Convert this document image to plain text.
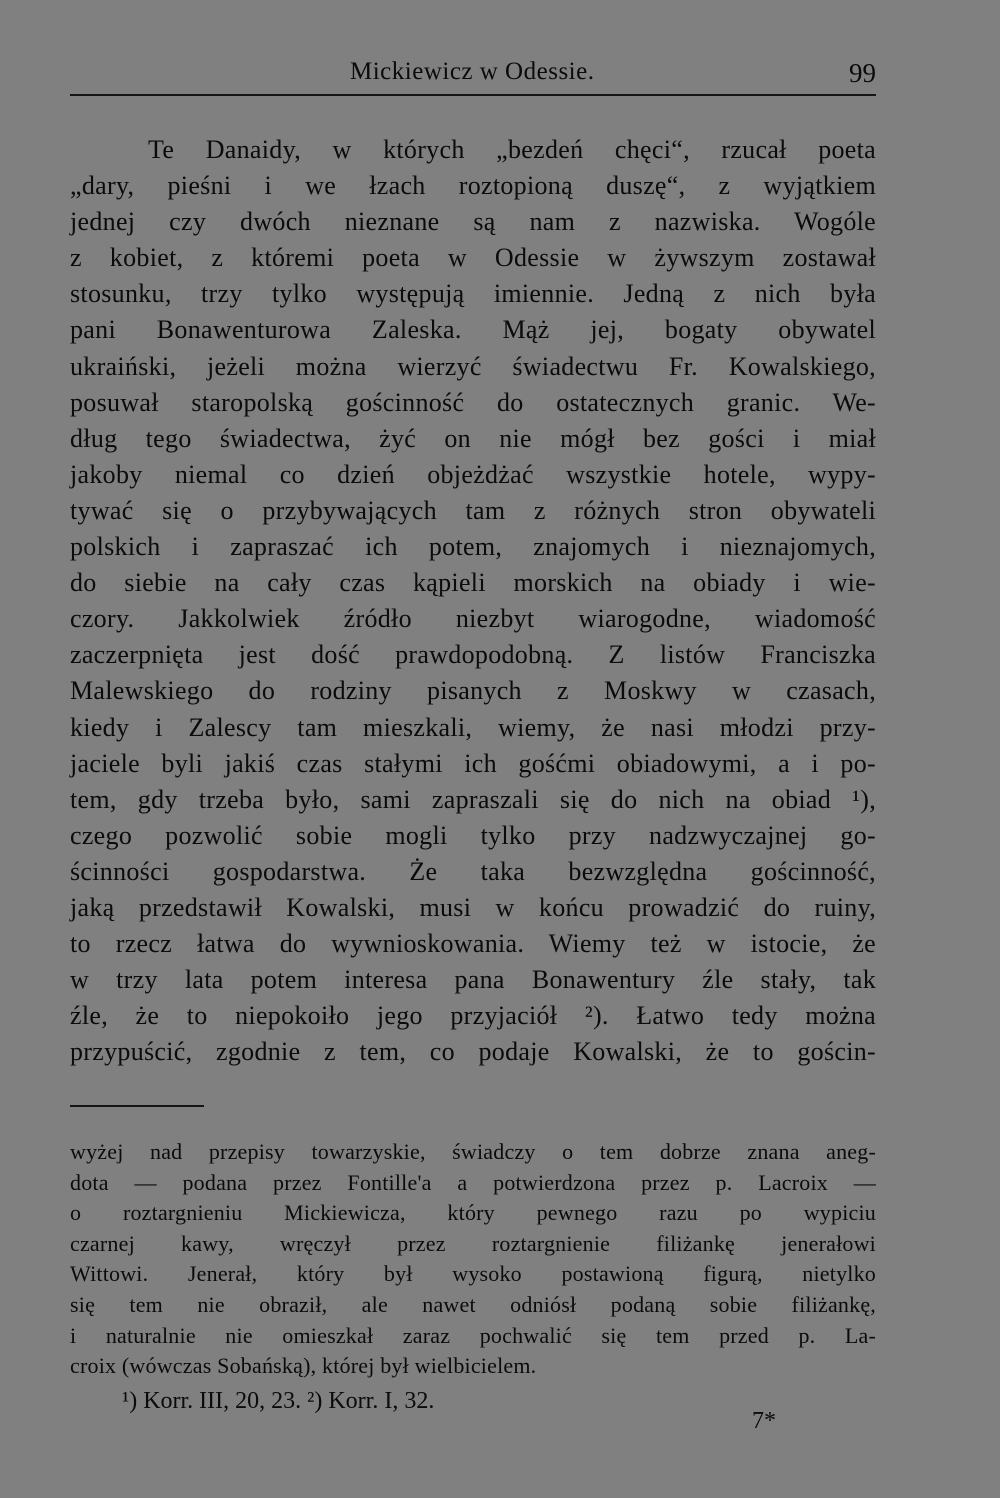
Mickiewicz w Odessie.	99
Te Danaidy, w których „bezdeń chęci“, rzucał poeta
„dary, pieśni i we łzach roztopioną duszę“, z wyjątkiem
jednej czy dwóch nieznane są nam z nazwiska. Wogóle
z kobiet, z któremi poeta w Odessie w żywszym zostawał
stosunku, trzy tylko występują imiennie. Jedną z nich była
pani Bonawenturowa Zaleska. Mąż jej, bogaty obywatel
ukraiński, jeżeli można wierzyć świadectwu Fr. Kowalskiego,
posuwał staropolską gościnność do ostatecznych granic. We-
dług tego świadectwa, żyć on nie mógł bez gości i miał
jakoby niemal co dzień objeżdżać wszystkie hotele, wypy-
tywać się o przybywających tam z różnych stron obywateli
polskich i zapraszać ich potem, znajomych i nieznajomych,
do siebie na cały czas kąpieli morskich na obiady i wie-
czory. Jakkolwiek źródło niezbyt wiarogodne, wiadomość
zaczerpnięta jest dość prawdopodobną. Z listów Franciszka
Malewskiego do rodziny pisanych z Moskwy w czasach,
kiedy i Zalescy tam mieszkali, wiemy, że nasi młodzi przy-
jaciele byli jakiś czas stałymi ich gośćmi obiadowymi, a i po-
tem, gdy trzeba było, sami zapraszali się do nich na obiad ¹),
czego pozwolić sobie mogli tylko przy nadzwyczajnej go-
ścinności gospodarstwa. Że taka bezwzględna gościnność,
jaką przedstawił Kowalski, musi w końcu prowadzić do ruiny,
to rzecz łatwa do wywnioskowania. Wiemy też w istocie, że
w trzy lata potem interesa pana Bonawentury źle stały, tak
źle, że to niepokoiło jego przyjaciół ²). Łatwo tedy można
przypuścić, zgodnie z tem, co podaje Kowalski, że to gościn-
wyżej nad przepisy towarzyskie, świadczy o tem dobrze znana aneg-
dota — podana przez Fontille'a a potwierdzona przez p. Lacroix —
o roztargnieniu Mickiewicza, który pewnego razu po wypiciu
czarnej kawy, wręczył przez roztargnienie filiżankę jenerałowi
Wittowi. Jenerał, który był wysoko postawioną figurą, nietylko
się tem nie obraził, ale nawet odniósł podaną sobie filiżankę,
i naturalnie nie omieszkał zaraz pochwalić się tem przed p. La-
croix (wówczas Sobańską), której był wielbicielem.
¹) Korr. III, 20, 23. ²) Korr. I, 32.
7*
